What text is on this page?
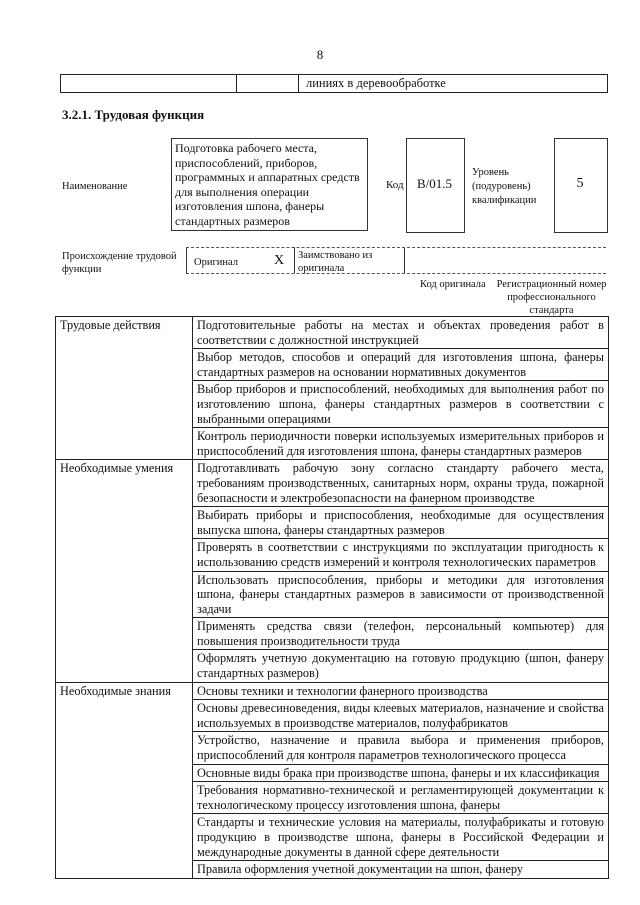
8
линиях в деревообработке
3.2.1. Трудовая функция
Наименование
Подготовка рабочего места, приспособлений, приборов, программных и аппаратных средств для выполнения операции изготовления шпона, фанеры стандартных размеров
Код	В/01.5
Уровень (подуровень) квалификации
5
Происхождение трудовой функции
Оригинал	X Заимствовано из оригинала
Код оригинала Регистрационный номер профессионального стандарта
Трудовые действия	Подготовительные работы на местах и объектах проведения работ в соответствии с должностной инструкцией
	Выбор методов, способов и операций для изготовления шпона, фанеры стандартных размеров на основании нормативных документов
	Выбор приборов и приспособлений, необходимых для выполнения работ по изготовлению шпона, фанеры стандартных размеров в соответствии с выбранными операциями
	Контроль периодичности поверки используемых измерительных приборов и приспособлений для изготовления шпона, фанеры стандартных размеров
Необходимые умения	Подготавливать рабочую зону согласно стандарту рабочего места, требованиям производственных, санитарных норм, охраны труда, пожарной безопасности и электробезопасности на фанерном производстве
	Выбирать приборы и приспособления, необходимые для осуществления выпуска шпона, фанеры стандартных размеров
	Проверять в соответствии с инструкциями по эксплуатации пригодность к использованию средств измерений и контроля технологических параметров
	Использовать приспособления, приборы и методики для изготовления шпона, фанеры стандартных размеров в зависимости от производственной задачи
	Применять средства связи (телефон, персональный компьютер) для повышения производительности труда
	Оформлять учетную документацию на готовую продукцию (шпон, фанеру стандартных размеров)
Необходимые знания	Основы техники и технологии фанерного производства
	Основы древесиноведения, виды клеевых материалов, назначение и свойства используемых в производстве материалов, полуфабрикатов
	Устройство, назначение и правила выбора и применения приборов, приспособлений для контроля параметров технологического процесса
	Основные виды брака при производстве шпона, фанеры и их классификация
	Требования нормативно-технической и регламентирующей документации к технологическому процессу изготовления шпона, фанеры
	Стандарты и технические условия на материалы, полуфабрикаты и готовую продукцию в производстве шпона, фанеры в Российской Федерации и международные документы в данной сфере деятельности
	Правила оформления учетной документации на шпон, фанеру
